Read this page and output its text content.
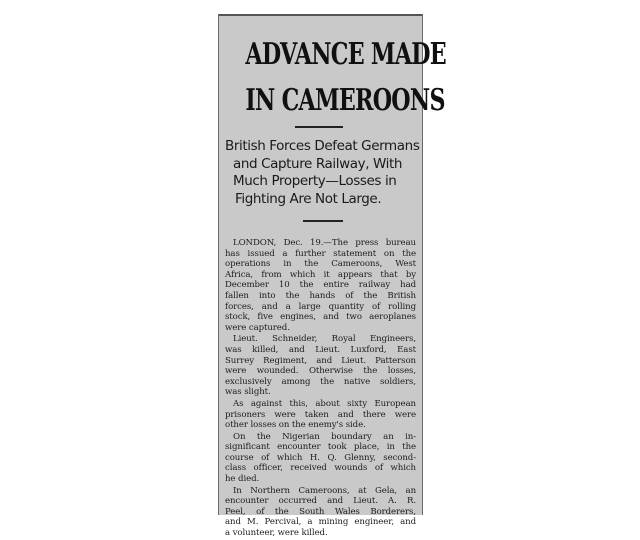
ADVANCE MADE
IN CAMEROONS
British Forces Defeat Germans
and Capture Railway, With
Much Property—Losses in
Fighting Are Not Large.

LONDON, Dec. 19.—The press bureau
has issued a further statement on the
operations in the Cameroons, West
Africa, from which it appears that by
December 10 the entire railway had
fallen into the hands of the British
forces, and a large quantity of rolling
stock, five engines, and two aeroplanes
were captured.

Lieut. Schneider, Royal Engineers,
was killed, and Lieut. Luxford, East
Surrey Regiment, and Lieut. Patterson
were wounded. Otherwise the losses,
exclusively among the native soldiers,
was slight.

As against this, about sixty European
prisoners were taken and there were
other losses on the enemy's side.

On the Nigerian boundary an in-
significant encounter took place, in the
course of which H. Q. Glenny, second-
class officer, received wounds of which
he died.

In Northern Cameroons, at Gela, an
encounter occurred and Lieut. A. R.
Peel, of the South Wales Borderers,
and M. Percival, a mining engineer, and
a volunteer, were killed.
